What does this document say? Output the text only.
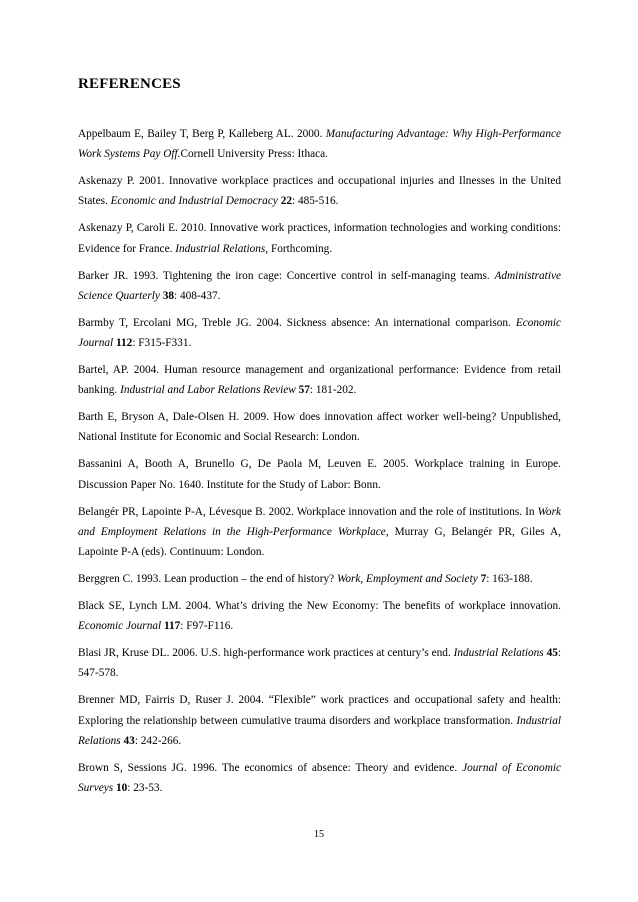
REFERENCES

Appelbaum E, Bailey T, Berg P, Kalleberg AL. 2000. Manufacturing Advantage: Why High-Performance Work Systems Pay Off.Cornell University Press: Ithaca.

Askenazy P. 2001. Innovative workplace practices and occupational injuries and Ilnesses in the United States. Economic and Industrial Democracy 22: 485-516.

Askenazy P, Caroli E. 2010. Innovative work practices, information technologies and working conditions: Evidence for France. Industrial Relations, Forthcoming.

Barker JR. 1993. Tightening the iron cage: Concertive control in self-managing teams. Administrative Science Quarterly 38: 408-437.

Barmby T, Ercolani MG, Treble JG. 2004. Sickness absence: An international comparison. Economic Journal 112: F315-F331.

Bartel, AP. 2004. Human resource management and organizational performance: Evidence from retail banking. Industrial and Labor Relations Review 57: 181-202.

Barth E, Bryson A, Dale-Olsen H. 2009. How does innovation affect worker well-being? Unpublished, National Institute for Economic and Social Research: London.

Bassanini A, Booth A, Brunello G, De Paola M, Leuven E. 2005. Workplace training in Europe. Discussion Paper No. 1640. Institute for the Study of Labor: Bonn.

Belangér PR, Lapointe P-A, Lévesque B. 2002. Workplace innovation and the role of institutions. In Work and Employment Relations in the High-Performance Workplace, Murray G, Belangér PR, Giles A, Lapointe P-A (eds). Continuum: London.

Berggren C. 1993. Lean production – the end of history? Work, Employment and Society 7: 163-188.

Black SE, Lynch LM. 2004. What’s driving the New Economy: The benefits of workplace innovation. Economic Journal 117: F97-F116.

Blasi JR, Kruse DL. 2006. U.S. high-performance work practices at century’s end. Industrial Relations 45: 547-578.

Brenner MD, Fairris D, Ruser J. 2004. “Flexible” work practices and occupational safety and health: Exploring the relationship between cumulative trauma disorders and workplace transformation. Industrial Relations 43: 242-266.

Brown S, Sessions JG. 1996. The economics of absence: Theory and evidence. Journal of Economic Surveys 10: 23-53.

15
